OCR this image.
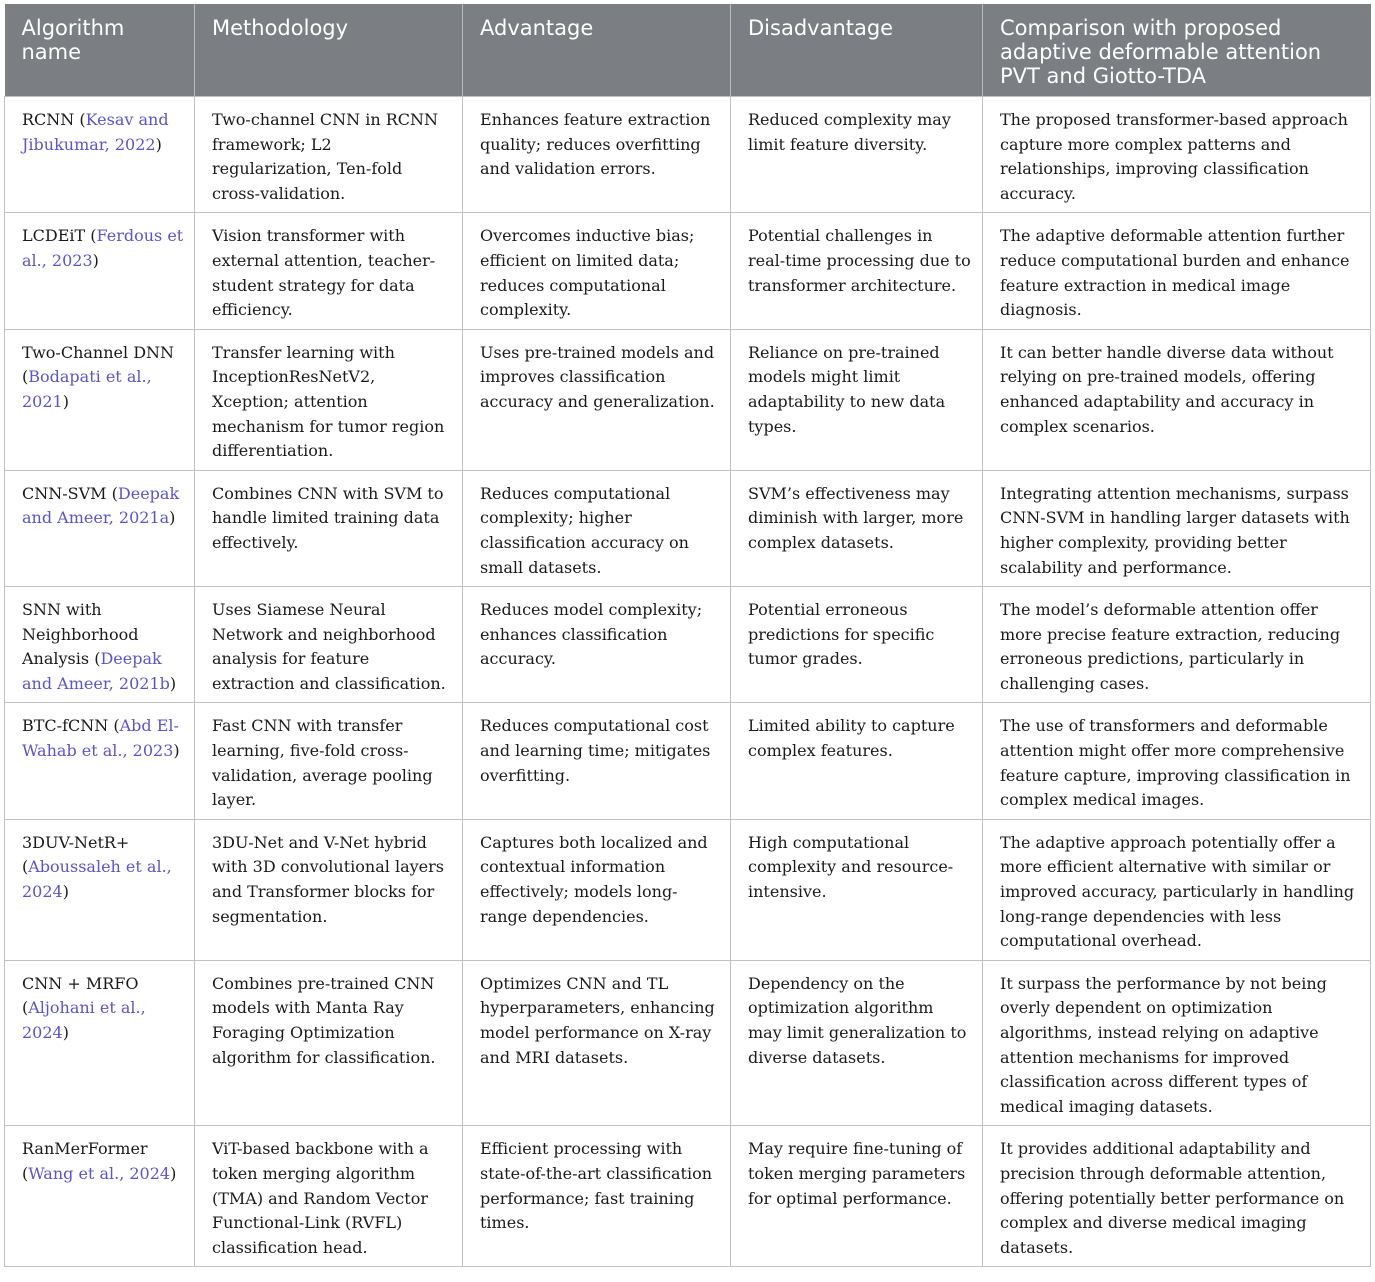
Algorithm name	Methodology	Advantage	Disadvantage	Comparison with proposed adaptive deformable attention PVT and Giotto-TDA
RCNN (Kesav and Jibukumar, 2022)	Two-channel CNN in RCNN framework; L2 regularization, Ten-fold cross-validation.	Enhances feature extraction quality; reduces overfitting and validation errors.	Reduced complexity may limit feature diversity.	The proposed transformer-based approach capture more complex patterns and relationships, improving classification accuracy.
LCDEiT (Ferdous et al., 2023)	Vision transformer with external attention, teacher-student strategy for data efficiency.	Overcomes inductive bias; efficient on limited data; reduces computational complexity.	Potential challenges in real-time processing due to transformer architecture.	The adaptive deformable attention further reduce computational burden and enhance feature extraction in medical image diagnosis.
Two-Channel DNN (Bodapati et al., 2021)	Transfer learning with InceptionResNetV2, Xception; attention mechanism for tumor region differentiation.	Uses pre-trained models and improves classification accuracy and generalization.	Reliance on pre-trained models might limit adaptability to new data types.	It can better handle diverse data without relying on pre-trained models, offering enhanced adaptability and accuracy in complex scenarios.
CNN-SVM (Deepak and Ameer, 2021a)	Combines CNN with SVM to handle limited training data effectively.	Reduces computational complexity; higher classification accuracy on small datasets.	SVM’s effectiveness may diminish with larger, more complex datasets.	Integrating attention mechanisms, surpass CNN-SVM in handling larger datasets with higher complexity, providing better scalability and performance.
SNN with Neighborhood Analysis (Deepak and Ameer, 2021b)	Uses Siamese Neural Network and neighborhood analysis for feature extraction and classification.	Reduces model complexity; enhances classification accuracy.	Potential erroneous predictions for specific tumor grades.	The model’s deformable attention offer more precise feature extraction, reducing erroneous predictions, particularly in challenging cases.
BTC-fCNN (Abd El-Wahab et al., 2023)	Fast CNN with transfer learning, five-fold cross-validation, average pooling layer.	Reduces computational cost and learning time; mitigates overfitting.	Limited ability to capture complex features.	The use of transformers and deformable attention might offer more comprehensive feature capture, improving classification in complex medical images.
3DUV-NetR+ (Aboussaleh et al., 2024)	3DU-Net and V-Net hybrid with 3D convolutional layers and Transformer blocks for segmentation.	Captures both localized and contextual information effectively; models long-range dependencies.	High computational complexity and resource-intensive.	The adaptive approach potentially offer a more efficient alternative with similar or improved accuracy, particularly in handling long-range dependencies with less computational overhead.
CNN + MRFO (Aljohani et al., 2024)	Combines pre-trained CNN models with Manta Ray Foraging Optimization algorithm for classification.	Optimizes CNN and TL hyperparameters, enhancing model performance on X-ray and MRI datasets.	Dependency on the optimization algorithm may limit generalization to diverse datasets.	It surpass the performance by not being overly dependent on optimization algorithms, instead relying on adaptive attention mechanisms for improved classification across different types of medical imaging datasets.
RanMerFormer (Wang et al., 2024)	ViT-based backbone with a token merging algorithm (TMA) and Random Vector Functional-Link (RVFL) classification head.	Efficient processing with state-of-the-art classification performance; fast training times.	May require fine-tuning of token merging parameters for optimal performance.	It provides additional adaptability and precision through deformable attention, offering potentially better performance on complex and diverse medical imaging datasets.
